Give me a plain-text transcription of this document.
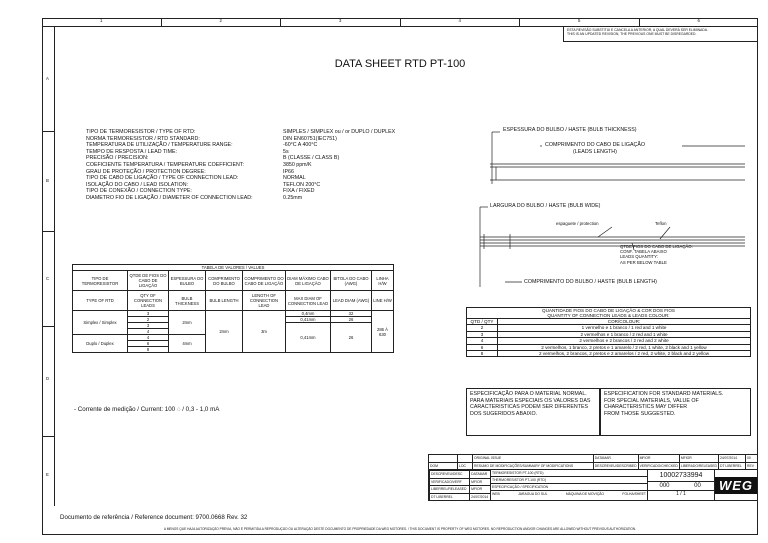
1	2	3	4	5	6
A
B
C
D
E
ESTA REVISÃO SUBSTITUI E CANCELA A ANTERIOR, A QUAL DEVERÁ SER ELIMINADA.
THIS IS AN UPDATED REVISION, THE PREVIOUS ONE MUST BE DISREGARDED.
DATA SHEET RTD PT-100
TIPO DE TERMORESISTOR / TYPE OF RTD:	SIMPLES / SIMPLEX ou / or DUPLO / DUPLEX
NORMA TERMORESISTOR / RTD STANDARD:	DIN EN60751(IEC751)
TEMPERATURA DE UTILIZAÇÃO / TEMPERATURE RANGE:	-60°C A 400°C
TEMPO DE RESPOSTA / LEAD TIME:	5s
PRECISÃO / PRECISION:	B (CLASSE / CLASS B)
COEFICIENTE TEMPERATURA / TEMPERATURE COEFFICIENT:	3850 ppm/K
GRAU DE PROTEÇÃO / PROTECTION DEGREE:	IP66
TIPO DE CABO DE LIGAÇÃO / TYPE OF CONNECTION LEAD:	NORMAL
ISOLAÇÃO DO CABO / LEAD ISOLATION:	TEFLON 200°C
TIPO DE CONEXÃO / CONNECTION TYPE:	FIXA / FIXED
DIAMETRO FIO DE LIGAÇÃO / DIAMETER OF CONNECTION LEAD:	0.25mm
TABELA DE VALORES / VALUES							
TIPO DE TERMORESISTOR	QTDE DE FIOS DO CABO DE LIGAÇÃO	ESPESSURA DO BULBO	COMPRIMENTO DO BULBO	COMPRIMENTO DO CABO DE LIGAÇÃO	DIAM MÁXIMO CABO DE LIGAÇÃO	BITOLA DO CABO (AWG)	LINHA H/W
TYPE OF RTD	QTY OF CONNECTION LEADS	BULB THICKNESS	BULB LENGTH	LENGTH OF CONNECTION LEAD	MAX DIAM OF CONNECTION LEAD	LEAD DIAM (AWG)	LINE H/W
Simplex / Simplex	3	2mm	2mm	3m	0,4mm	32	286 À 630
	2				0,41mm	26	
	3				0,41mm	26	
	4						
Duplo / Duplex	4	4mm					
	6						
	8						
- Corrente de medição / Current: 100 ◌ / 0,3 - 1,0 mA
ESPESSURA DO BULBO / HASTE (BULB THICKNESS)
COMPRIMENTO DO CABO DE LIGAÇÃO
(LEADS LENGTH)
LARGURA DO BULBO / HASTE (BULB WIDE)
espaguete / protection	Teflon
QTDE FIOS DO CABO DE LIGAÇÃO:
CONF. TABELA ABAIXO
LEADS QUANTITY:
AS PER BELOW TABLE
COMPRIMENTO DO BULBO / HASTE (BULB LENGTH)
QUANTIDADE FIOS DO CABO DE LIGAÇÃO & COR DOS FIOS
QUANTITY OF CONNECTION LEADS & LEADS COLOUR:	

QTD / QTY	COR/COLOUR:
2	1 vermelho e 1 branco / 1 red and 1 white
3	2 vermelhos e 1 branco / 2 red and 1 white
4	2 vermelhos e 2 brancos / 2 red and 2 white
6	2 vermelhos, 1 branco, 2 pretos e 1 amarelo / 2 red, 1 white, 2 black and 1 yellow
8	2 vermelhos, 2 brancos, 2 pretos e 2 amarelos / 2 red, 2 white, 2 black and 2 yellow
ESPECIFICAÇÃO PARA O MATERIAL NORMAL.
PARA MATERIAIS ESPECIAIS OS VALORES DAS
CARACTERISTICAS PODEM SER DIFERENTES
DOS SUGERIDOS ABAIXO.
ESPECIFICATION FOR STANDARD MATERIALS.
FOR SPECIAL MATERIALS, VALUE OF
CHARACTERISTICS MAY DIFFER
FROM THOSE SUGGESTED.
		ORIGINAL ISSUE	DATAMAR	MFIOR	MFIOR	24/07/2014	00
DOM	LOC	RESUMO DE MODIFICAÇÕES/SUMMARY OF MODIFICATIONS	DESCREVEU/DESCRIBED	VERIFICADO/CHECKED	LIBERADO/RELEASED	DT LIBERREL	REV
DESCREVEU/DESC	DATAMAR
VERIFICADO/VERF	MFIOR
LIBERREL/RELEASED	MFIOR
DT LIBERREL	24/07/2014
TERMORESISTOR PT-100 (RTD)
THERMORESISTOR PT-100 (RTD)
ESPECIFICAÇÃO / SPECIFICATION
WEB	JARAGUA DO SUL	MÁQUINA DE MOVIÇÃO	FOLHA/SHEET
10002733994
000	00
1 / 1
WEG
Documento de referência / Reference document: 9700.0668 Rev. 32
A MENOS QUE HAJA AUTORIZAÇÃO PRÉVIA, NÃO É PERMITIDA A REPRODUÇÃO OU ALTERAÇÃO DESTE DOCUMENTO DE PROPRIEDADE DA WEG MOTORES. / THIS DOCUMENT IS PROPERTY OF WEG MOTORES. NO REPRODUCTION AND/OR CHANGES ARE ALLOWED WITHOUT PREVIOUS AUTHORIZATION.
